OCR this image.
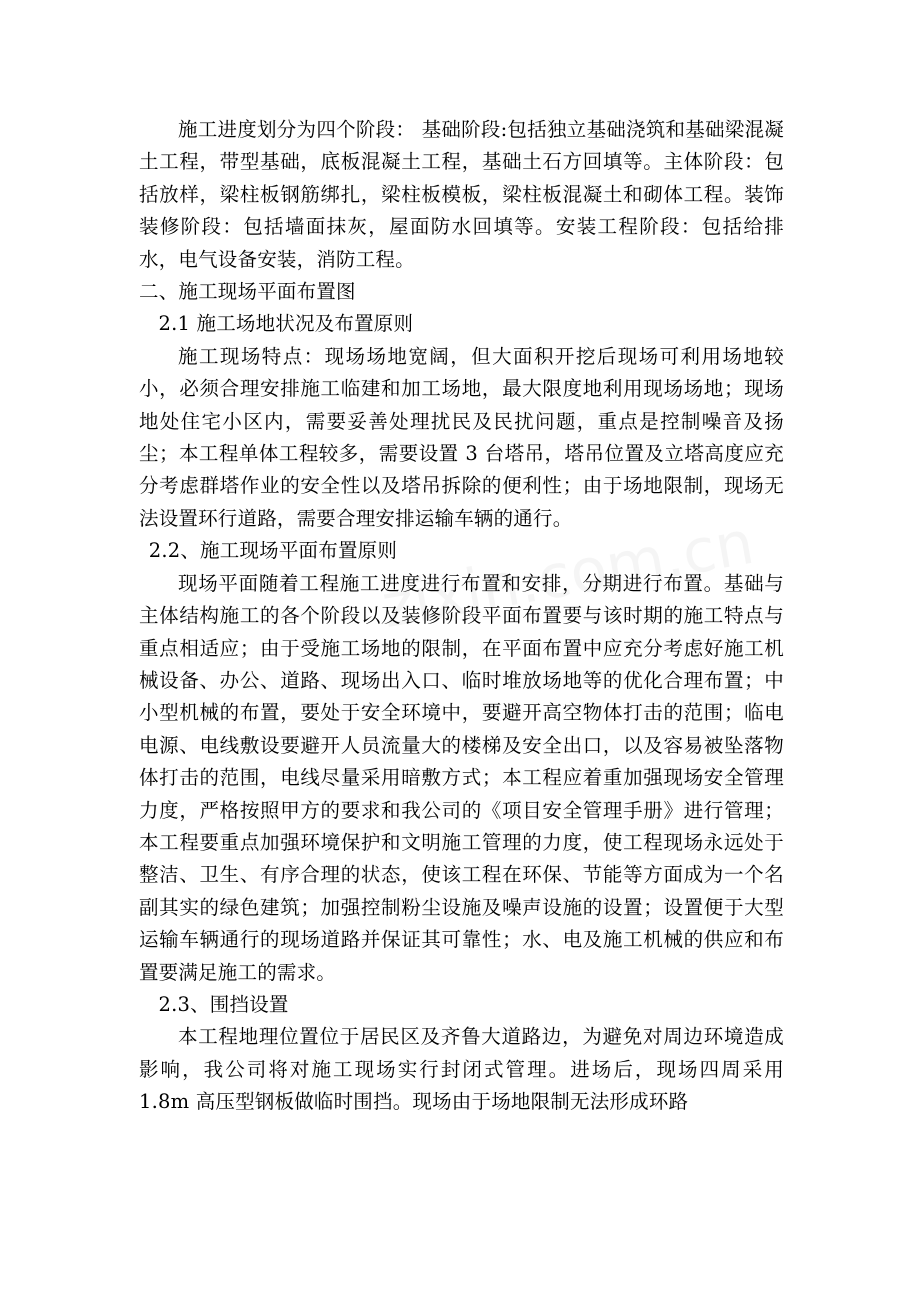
施工进度划分为四个阶段： 基础阶段:包括独立基础浇筑和基础梁混凝土工程，带型基础，底板混凝土工程，基础土石方回填等。主体阶段：包括放样，梁柱板钢筋绑扎，梁柱板模板，梁柱板混凝土和砌体工程。装饰装修阶段：包括墙面抹灰，屋面防水回填等。安装工程阶段：包括给排水，电气设备安装，消防工程。

二、施工现场平面布置图

2.1 施工场地状况及布置原则

施工现场特点：现场场地宽阔，但大面积开挖后现场可利用场地较小，必须合理安排施工临建和加工场地，最大限度地利用现场场地；现场地处住宅小区内，需要妥善处理扰民及民扰问题，重点是控制噪音及扬尘；本工程单体工程较多，需要设置 3 台塔吊，塔吊位置及立塔高度应充分考虑群塔作业的安全性以及塔吊拆除的便利性；由于场地限制，现场无法设置环行道路，需要合理安排运输车辆的通行。

2.2、施工现场平面布置原则

现场平面随着工程施工进度进行布置和安排，分期进行布置。基础与主体结构施工的各个阶段以及装修阶段平面布置要与该时期的施工特点与重点相适应；由于受施工场地的限制，在平面布置中应充分考虑好施工机械设备、办公、道路、现场出入口、临时堆放场地等的优化合理布置；中小型机械的布置，要处于安全环境中，要避开高空物体打击的范围；临电电源、电线敷设要避开人员流量大的楼梯及安全出口，以及容易被坠落物体打击的范围，电线尽量采用暗敷方式；本工程应着重加强现场安全管理力度，严格按照甲方的要求和我公司的《项目安全管理手册》进行管理；本工程要重点加强环境保护和文明施工管理的力度，使工程现场永远处于整洁、卫生、有序合理的状态，使该工程在环保、节能等方面成为一个名副其实的绿色建筑；加强控制粉尘设施及噪声设施的设置；设置便于大型运输车辆通行的现场道路并保证其可靠性；水、电及施工机械的供应和布置要满足施工的需求。

2.3、围挡设置

本工程地理位置位于居民区及齐鲁大道路边，为避免对周边环境造成影响，我公司将对施工现场实行封闭式管理。进场后，现场四周采用 1.8m 高压型钢板做临时围挡。现场由于场地限制无法形成环路
